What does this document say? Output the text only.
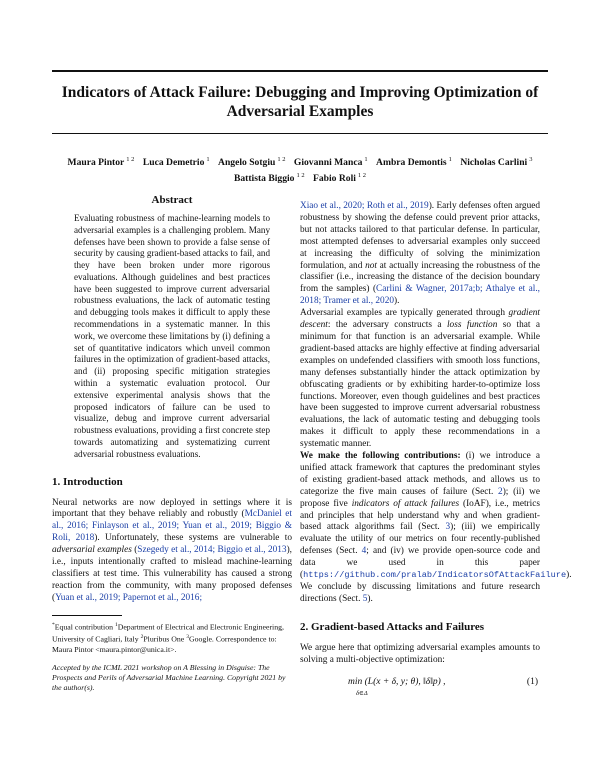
Indicators of Attack Failure: Debugging and Improving Optimization of Adversarial Examples
Maura Pintor $^{1 2}$ Luca Demetrio $^1$ Angelo Sotgiu $^{1 2}$ Giovanni Manca $^1$ Ambra Demontis $^1$ Nicholas Carlini $^3$
Battista Biggio $^{1 2}$ Fabio Roli $^{1 2}$
Abstract

Evaluating robustness of machine-learning models to adversarial examples is a challenging problem. Many defenses have been shown to provide a false sense of security by causing gradient-based attacks to fail, and they have been broken under more rigorous evaluations. Although guidelines and best practices have been suggested to improve current adversarial robustness evaluations, the lack of automatic testing and debugging tools makes it difficult to apply these recommendations in a systematic manner. In this work, we overcome these limitations by (i) defining a set of quantitative indicators which unveil common failures in the optimization of gradient-based attacks, and (ii) proposing specific mitigation strategies within a systematic evaluation protocol. Our extensive experimental analysis shows that the proposed indicators of failure can be used to visualize, debug and improve current adversarial robustness evaluations, providing a first concrete step towards automatizing and systematizing current adversarial robustness evaluations.

1. Introduction

Neural networks are now deployed in settings where it is important that they behave reliably and robustly (McDaniel et al., 2016; Finlayson et al., 2019; Yuan et al., 2019; Biggio & Roli, 2018). Unfortunately, these systems are vulnerable to adversarial examples (Szegedy et al., 2014; Biggio et al., 2013), i.e., inputs intentionally crafted to mislead machine-learning classifiers at test time. This vulnerability has caused a strong reaction from the community, with many proposed defenses (Yuan et al., 2019; Papernot et al., 2016;

*Equal contribution $^1$Department of Electrical and Electronic Engineering, University of Cagliari, Italy $^2$Pluribus One $^3$Google. Correspondence to: Maura Pintor <maura.pintor@unica.it>.

Accepted by the ICML 2021 workshop on A Blessing in Disguise: The Prospects and Perils of Adversarial Machine Learning. Copyright 2021 by the author(s).

Xiao et al., 2020; Roth et al., 2019). Early defenses often argued robustness by showing the defense could prevent prior attacks, but not attacks tailored to that particular defense. In particular, most attempted defenses to adversarial examples only succeed at increasing the difficulty of solving the minimization formulation, and not at actually increasing the robustness of the classifier (i.e., increasing the distance of the decision boundary from the samples) (Carlini & Wagner, 2017a;b; Athalye et al., 2018; Tramer et al., 2020).

Adversarial examples are typically generated through gradient descent: the adversary constructs a loss function so that a minimum for that function is an adversarial example. While gradient-based attacks are highly effective at finding adversarial examples on undefended classifiers with smooth loss functions, many defenses substantially hinder the attack optimization by obfuscating gradients or by exhibiting harder-to-optimize loss functions. Moreover, even though guidelines and best practices have been suggested to improve current adversarial robustness evaluations, the lack of automatic testing and debugging tools makes it difficult to apply these recommendations in a systematic manner.

We make the following contributions: (i) we introduce a unified attack framework that captures the predominant styles of existing gradient-based attack methods, and allows us to categorize the five main causes of failure (Sect. 2); (ii) we propose five indicators of attack failures (IoAF), i.e., metrics and principles that help understand why and when gradient-based attack algorithms fail (Sect. 3); (iii) we empirically evaluate the utility of our metrics on four recently-published defenses (Sect. 4; and (iv) we provide open-source code and data we used in this paper (https://github.com/pralab/IndicatorsOfAttackFailure). We conclude by discussing limitations and future research directions (Sect. 5).

2. Gradient-based Attacks and Failures

We argue here that optimizing adversarial examples amounts to solving a multi-objective optimization:

min (L(x + δ, y; θ), ‖δ‖p) ,
δ∈Δ
(1)
